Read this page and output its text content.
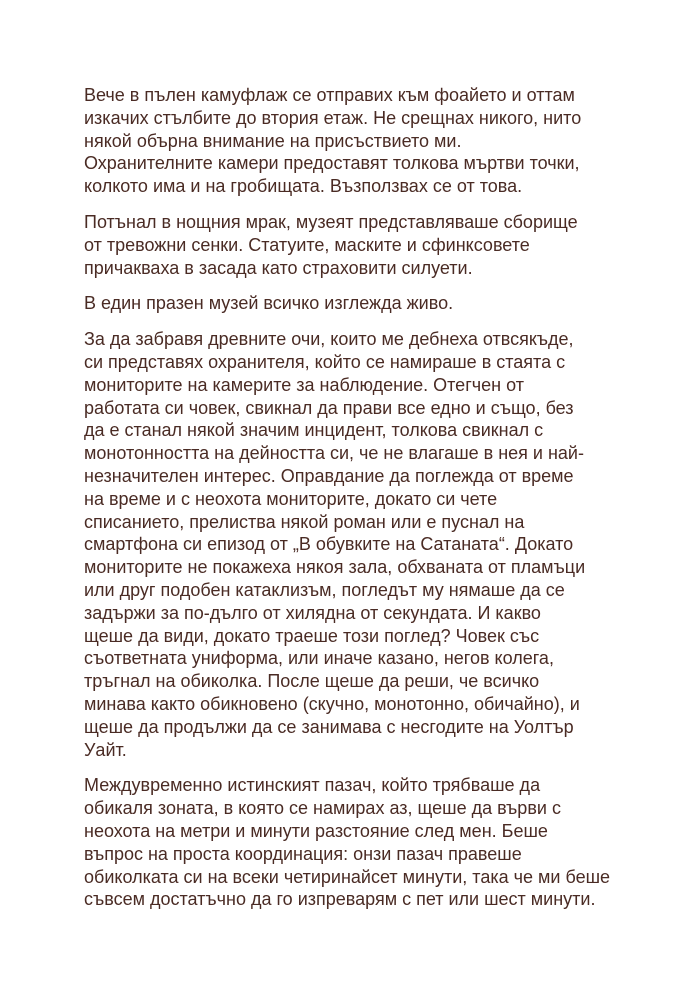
Вече в пълен камуфлаж се отправих към фоайето и оттам
изкачих стълбите до втория етаж. Не срещнах никого, нито
някой обърна внимание на присъствието ми.
Охранителните камери предоставят толкова мъртви точки,
колкото има и на гробищата. Възползвах се от това.
Потънал в нощния мрак, музеят представляваше сборище
от тревожни сенки. Статуите, маските и сфинксовете
причакваха в засада като страховити силуети.
В един празен музей всичко изглежда живо.
За да забравя древните очи, които ме дебнеха отвсякъде,
си представях охранителя, който се намираше в стаята с
мониторите на камерите за наблюдение. Отегчен от
работата си човек, свикнал да прави все едно и също, без
да е станал някой значим инцидент, толкова свикнал с
монотонността на дейността си, че не влагаше в нея и най-
незначителен интерес. Оправдание да поглежда от време
на време и с неохота мониторите, докато си чете
списанието, прелиства някой роман или е пуснал на
смартфона си епизод от „В обувките на Сатаната“. Докато
мониторите не покажеха някоя зала, обхваната от пламъци
или друг подобен катаклизъм, погледът му нямаше да се
задържи за по-дълго от хилядна от секундата. И какво
щеше да види, докато траеше този поглед? Човек със
съответната униформа, или иначе казано, негов колега,
тръгнал на обиколка. После щеше да реши, че всичко
минава както обикновено (скучно, монотонно, обичайно), и
щеше да продължи да се занимава с несгодите на Уолтър
Уайт.
Междувременно истинският пазач, който трябваше да
обикаля зоната, в която се намирах аз, щеше да върви с
неохота на метри и минути разстояние след мен. Беше
въпрос на проста координация: онзи пазач правеше
обиколката си на всеки четиринайсет минути, така че ми беше
съвсем достатъчно да го изпреварям с пет или шест минути.
